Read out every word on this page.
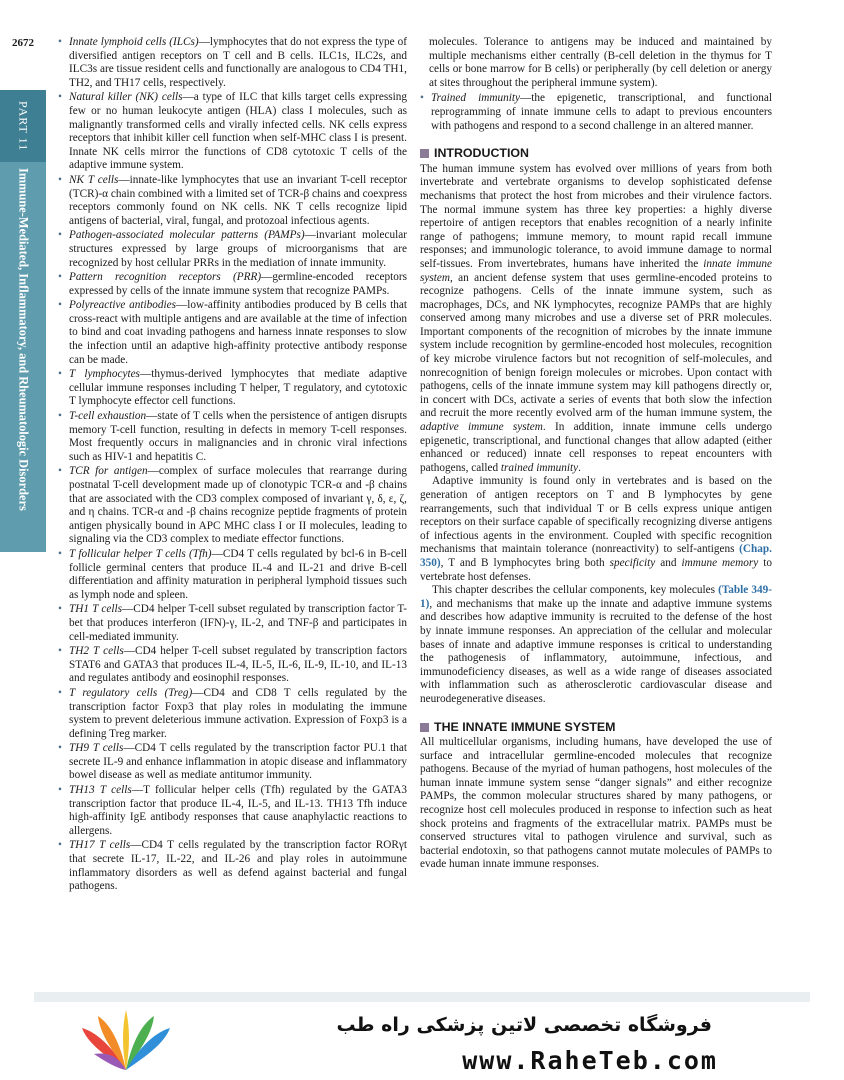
2672
PART 11
Immune-Mediated, Inflammatory, and Rheumatologic Disorders
• Innate lymphoid cells (ILCs)—lymphocytes that do not express the type of diversified antigen receptors on T cell and B cells. ILC1s, ILC2s, and ILC3s are tissue resident cells and functionally are analogous to CD4 TH1, TH2, and TH17 cells, respectively.
• Natural killer (NK) cells—a type of ILC that kills target cells expressing few or no human leukocyte antigen (HLA) class I molecules, such as malignantly transformed cells and virally infected cells. NK cells express receptors that inhibit killer cell function when self-MHC class I is present. Innate NK cells mirror the functions of CD8 cytotoxic T cells of the adaptive immune system.
• NK T cells—innate-like lymphocytes that use an invariant T-cell receptor (TCR)-α chain combined with a limited set of TCR-β chains and coexpress receptors commonly found on NK cells. NK T cells recognize lipid antigens of bacterial, viral, fungal, and protozoal infectious agents.
• Pathogen-associated molecular patterns (PAMPs)—invariant molecular structures expressed by large groups of microorganisms that are recognized by host cellular PRRs in the mediation of innate immunity.
• Pattern recognition receptors (PRR)—germline-encoded receptors expressed by cells of the innate immune system that recognize PAMPs.
• Polyreactive antibodies—low-affinity antibodies produced by B cells that cross-react with multiple antigens and are available at the time of infection to bind and coat invading pathogens and harness innate responses to slow the infection until an adaptive high-affinity protective antibody response can be made.
• T lymphocytes—thymus-derived lymphocytes that mediate adaptive cellular immune responses including T helper, T regulatory, and cytotoxic T lymphocyte effector cell functions.
• T-cell exhaustion—state of T cells when the persistence of antigen disrupts memory T-cell function, resulting in defects in memory T-cell responses. Most frequently occurs in malignancies and in chronic viral infections such as HIV-1 and hepatitis C.
• TCR for antigen—complex of surface molecules that rearrange during postnatal T-cell development made up of clonotypic TCR-α and -β chains that are associated with the CD3 complex composed of invariant γ, δ, ε, ζ, and η chains. TCR-α and -β chains recognize peptide fragments of protein antigen physically bound in APC MHC class I or II molecules, leading to signaling via the CD3 complex to mediate effector functions.
• T follicular helper T cells (Tfh)—CD4 T cells regulated by bcl-6 in B-cell follicle germinal centers that produce IL-4 and IL-21 and drive B-cell differentiation and affinity maturation in peripheral lymphoid tissues such as lymph node and spleen.
• TH1 T cells—CD4 helper T-cell subset regulated by transcription factor T-bet that produces interferon (IFN)-γ, IL-2, and TNF-β and participates in cell-mediated immunity.
• TH2 T cells—CD4 helper T-cell subset regulated by transcription factors STAT6 and GATA3 that produces IL-4, IL-5, IL-6, IL-9, IL-10, and IL-13 and regulates antibody and eosinophil responses.
• T regulatory cells (Treg)—CD4 and CD8 T cells regulated by the transcription factor Foxp3 that play roles in modulating the immune system to prevent deleterious immune activation. Expression of Foxp3 is a defining Treg marker.
• TH9 T cells—CD4 T cells regulated by the transcription factor PU.1 that secrete IL-9 and enhance inflammation in atopic disease and inflammatory bowel disease as well as mediate antitumor immunity.
• TH13 T cells—T follicular helper cells (Tfh) regulated by the GATA3 transcription factor that produce IL-4, IL-5, and IL-13. TH13 Tfh induce high-affinity IgE antibody responses that cause anaphylactic reactions to allergens.
• TH17 T cells—CD4 T cells regulated by the transcription factor RORγt that secrete IL-17, IL-22, and IL-26 and play roles in autoimmune inflammatory disorders as well as defend against bacterial and fungal pathogens.

molecules. Tolerance to antigens may be induced and maintained by multiple mechanisms either centrally (B-cell deletion in the thymus for T cells or bone marrow for B cells) or peripherally (by cell deletion or anergy at sites throughout the peripheral immune system).

• Trained immunity—the epigenetic, transcriptional, and functional reprogramming of innate immune cells to adapt to previous encounters with pathogens and respond to a second challenge in an altered manner.
INTRODUCTION

The human immune system has evolved over millions of years from both invertebrate and vertebrate organisms to develop sophisticated defense mechanisms that protect the host from microbes and their virulence factors. The normal immune system has three key properties: a highly diverse repertoire of antigen receptors that enables recognition of a nearly infinite range of pathogens; immune memory, to mount rapid recall immune responses; and immunologic tolerance, to avoid immune damage to normal self-tissues. From invertebrates, humans have inherited the innate immune system, an ancient defense system that uses germline-encoded proteins to recognize pathogens. Cells of the innate immune system, such as macrophages, DCs, and NK lymphocytes, recognize PAMPs that are highly conserved among many microbes and use a diverse set of PRR molecules. Important components of the recognition of microbes by the innate immune system include recognition by germline-encoded host molecules, recognition of key microbe virulence factors but not recognition of self-molecules, and nonrecognition of benign foreign molecules or microbes. Upon contact with pathogens, cells of the innate immune system may kill pathogens directly or, in concert with DCs, activate a series of events that both slow the infection and recruit the more recently evolved arm of the human immune system, the adaptive immune system. In addition, innate immune cells undergo epigenetic, transcriptional, and functional changes that allow adapted (either enhanced or reduced) innate cell responses to repeat encounters with pathogens, called trained immunity.

Adaptive immunity is found only in vertebrates and is based on the generation of antigen receptors on T and B lymphocytes by gene rearrangements, such that individual T or B cells express unique antigen receptors on their surface capable of specifically recognizing diverse antigens of infectious agents in the environment. Coupled with specific recognition mechanisms that maintain tolerance (nonreactivity) to self-antigens (Chap. 350), T and B lymphocytes bring both specificity and immune memory to vertebrate host defenses.

This chapter describes the cellular components, key molecules (Table 349-1), and mechanisms that make up the innate and adaptive immune systems and describes how adaptive immunity is recruited to the defense of the host by innate immune responses. An appreciation of the cellular and molecular bases of innate and adaptive immune responses is critical to understanding the pathogenesis of inflammatory, autoimmune, infectious, and immunodeficiency diseases, as well as a wide range of diseases associated with inflammation such as atherosclerotic cardiovascular disease and neurodegenerative diseases.

THE INNATE IMMUNE SYSTEM

All multicellular organisms, including humans, have developed the use of surface and intracellular germline-encoded molecules that recognize pathogens. Because of the myriad of human pathogens, host molecules of the human innate immune system sense “danger signals” and either recognize PAMPs, the common molecular structures shared by many pathogens, or recognize host cell molecules produced in response to infection such as heat shock proteins and fragments of the extracellular matrix. PAMPs must be conserved structures vital to pathogen virulence and survival, such as bacterial endotoxin, so that pathogens cannot mutate molecules of PAMPs to evade human innate immune responses.

فروشگاه تخصصی لاتین پزشکی راه طب
www.RaheTeb.com
